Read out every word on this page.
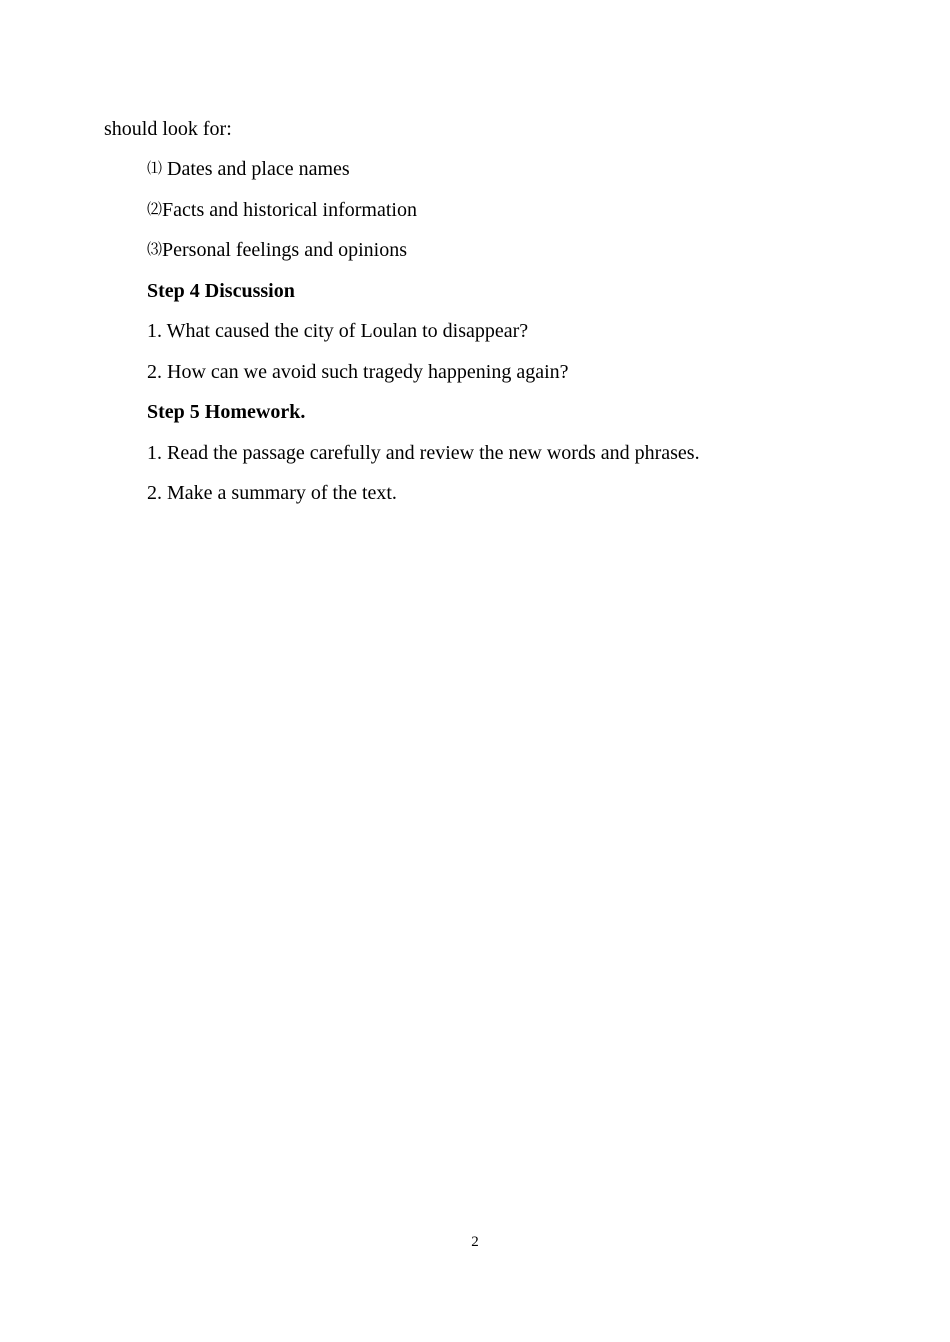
should look for:
⑴ Dates and place names
⑵Facts and historical information
⑶Personal feelings and opinions
Step 4 Discussion
1. What caused the city of Loulan to disappear?
2. How can we avoid such tragedy happening again?
Step 5 Homework.
1. Read the passage carefully and review the new words and phrases.
2. Make a summary of the text.
2
